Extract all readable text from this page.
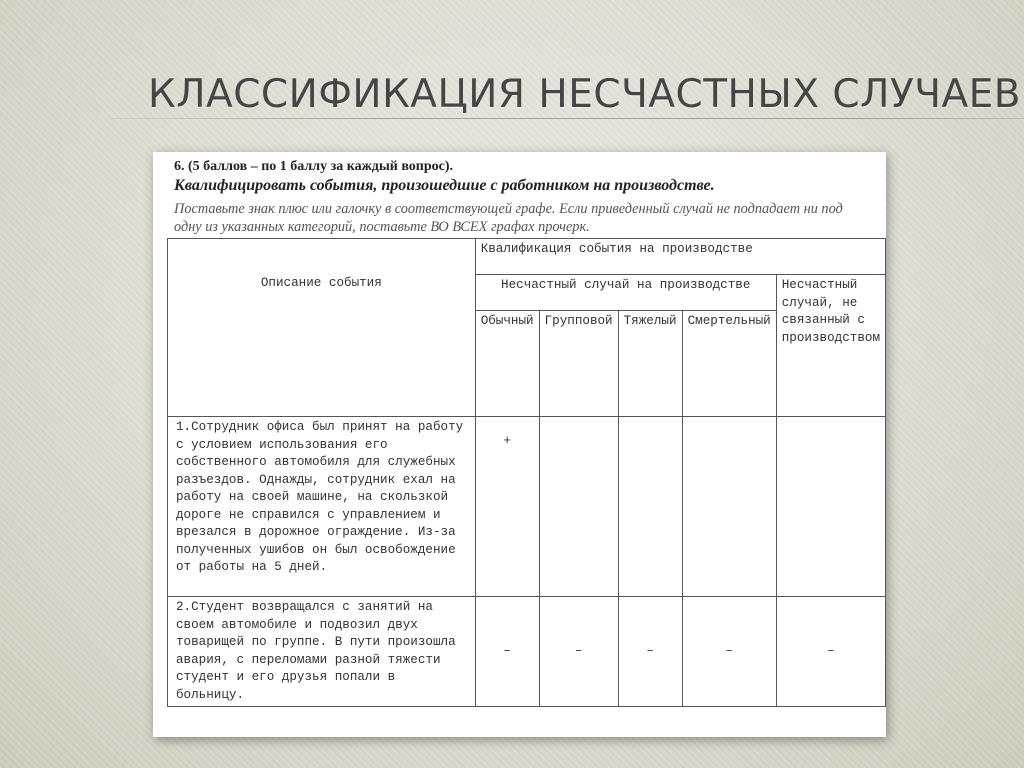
КЛАССИФИКАЦИЯ НЕСЧАСТНЫХ СЛУЧАЕВ
6. (5 баллов – по 1 баллу за каждый вопрос).
Квалифицировать события, произошедшие с работником на производстве.

Поставьте знак плюс или галочку в соответствующей графе. Если приведенный случай не подпадает ни под одну из указанных категорий, поставьте ВО ВСЕХ графах прочерк.

Описание события	Квалификация события на производстве				
	Несчастный случай на производстве				Несчастный случай, не связанный с производством
	Обычный	Групповой	Тяжелый	Смертельный	
1.Сотрудник офиса был принят на работу с условием использования его собственного автомобиля для служебных разъездов. Однажды, сотрудник ехал на работу на своей машине, на скользкой дороге не справился с управлением и врезался в дорожное ограждение. Из-за полученных ушибов он был освобождение от работы на 5 дней.	+				
2.Студент возвращался с занятий на своем автомобиле и подвозил двух товарищей по группе. В пути произошла авария, с переломами разной тяжести студент и его друзья попали в больницу.	–	–	–	–	–
